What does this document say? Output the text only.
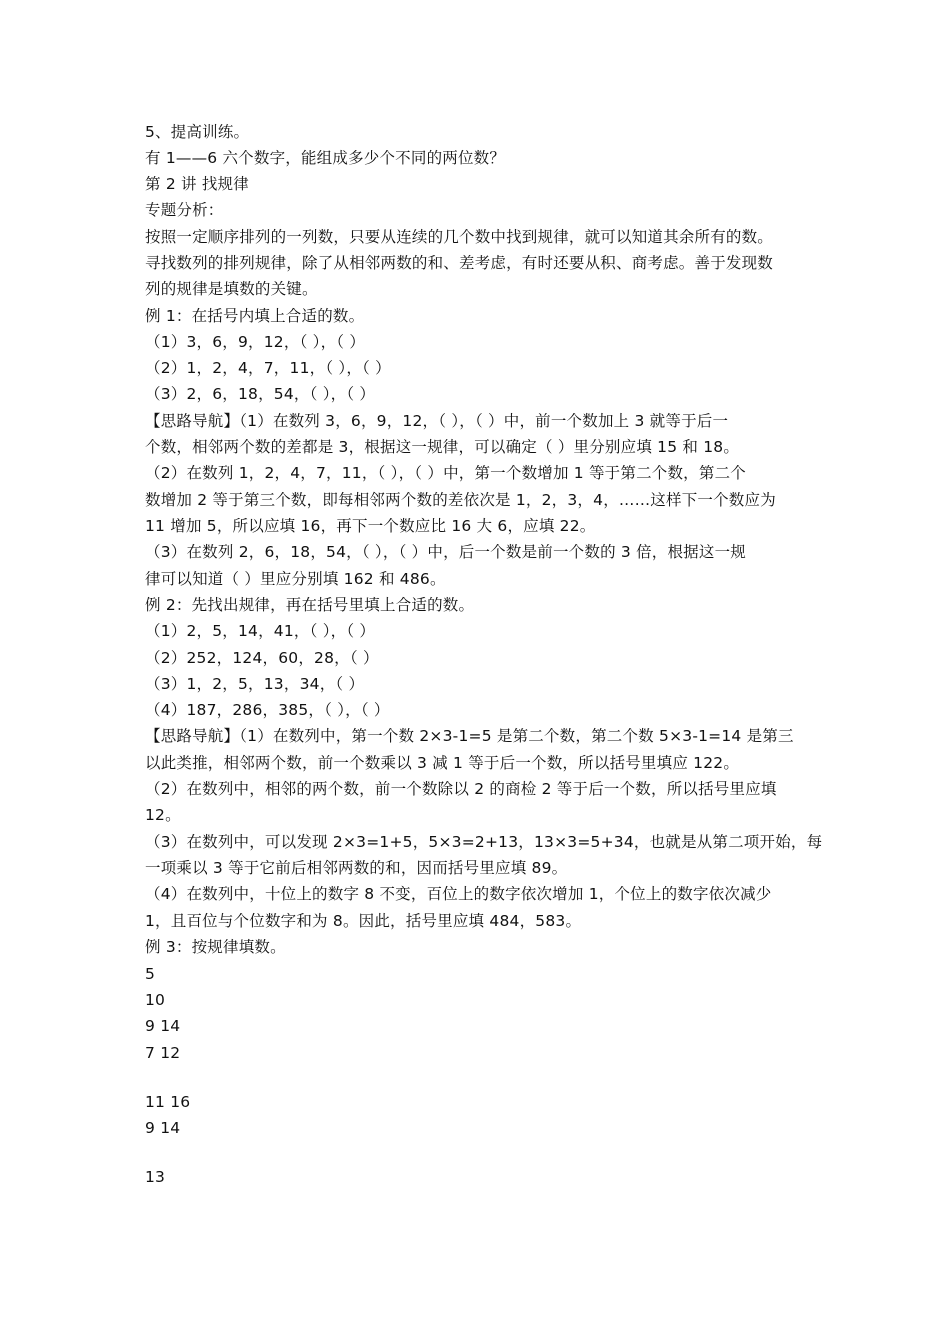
5、提高训练。
有 1——6 六个数字，能组成多少个不同的两位数？
第 2 讲 找规律
专题分析：
按照一定顺序排列的一列数，只要从连续的几个数中找到规律，就可以知道其余所有的数。
寻找数列的排列规律，除了从相邻两数的和、差考虑，有时还要从积、商考虑。善于发现数
列的规律是填数的关键。
例 1：在括号内填上合适的数。
（1）3，6，9，12，（ ），（ ）
（2）1，2，4，7，11，（ ），（ ）
（3）2，6，18，54，（ ），（ ）
【思路导航】（1）在数列 3，6，9，12，（ ），（ ）中，前一个数加上 3 就等于后一
个数，相邻两个数的差都是 3，根据这一规律，可以确定（ ）里分别应填 15 和 18。
（2）在数列 1，2，4，7，11，（ ），（ ）中，第一个数增加 1 等于第二个数，第二个
数增加 2 等于第三个数，即每相邻两个数的差依次是 1，2，3，4，……这样下一个数应为
11 增加 5，所以应填 16，再下一个数应比 16 大 6，应填 22。
（3）在数列 2，6，18，54，（ ），（ ）中，后一个数是前一个数的 3 倍，根据这一规
律可以知道（ ）里应分别填 162 和 486。
例 2：先找出规律，再在括号里填上合适的数。
（1）2，5，14，41，（ ），（ ）
（2）252，124，60，28，（ ）
（3）1，2，5，13，34，（ ）
（4）187，286，385，（ ），（ ）
【思路导航】（1）在数列中，第一个数 2×3-1=5 是第二个数，第二个数 5×3-1=14 是第三
以此类推，相邻两个数，前一个数乘以 3 减 1 等于后一个数，所以括号里填应 122。
（2）在数列中，相邻的两个数，前一个数除以 2 的商检 2 等于后一个数，所以括号里应填
12。
（3）在数列中，可以发现 2×3=1+5，5×3=2+13，13×3=5+34，也就是从第二项开始，每
一项乘以 3 等于它前后相邻两数的和，因而括号里应填 89。
（4）在数列中，十位上的数字 8 不变，百位上的数字依次增加 1，个位上的数字依次减少
1，且百位与个位数字和为 8。因此，括号里应填 484，583。
例 3：按规律填数。
5
10
9 14
7 12
11 16
9 14
13
